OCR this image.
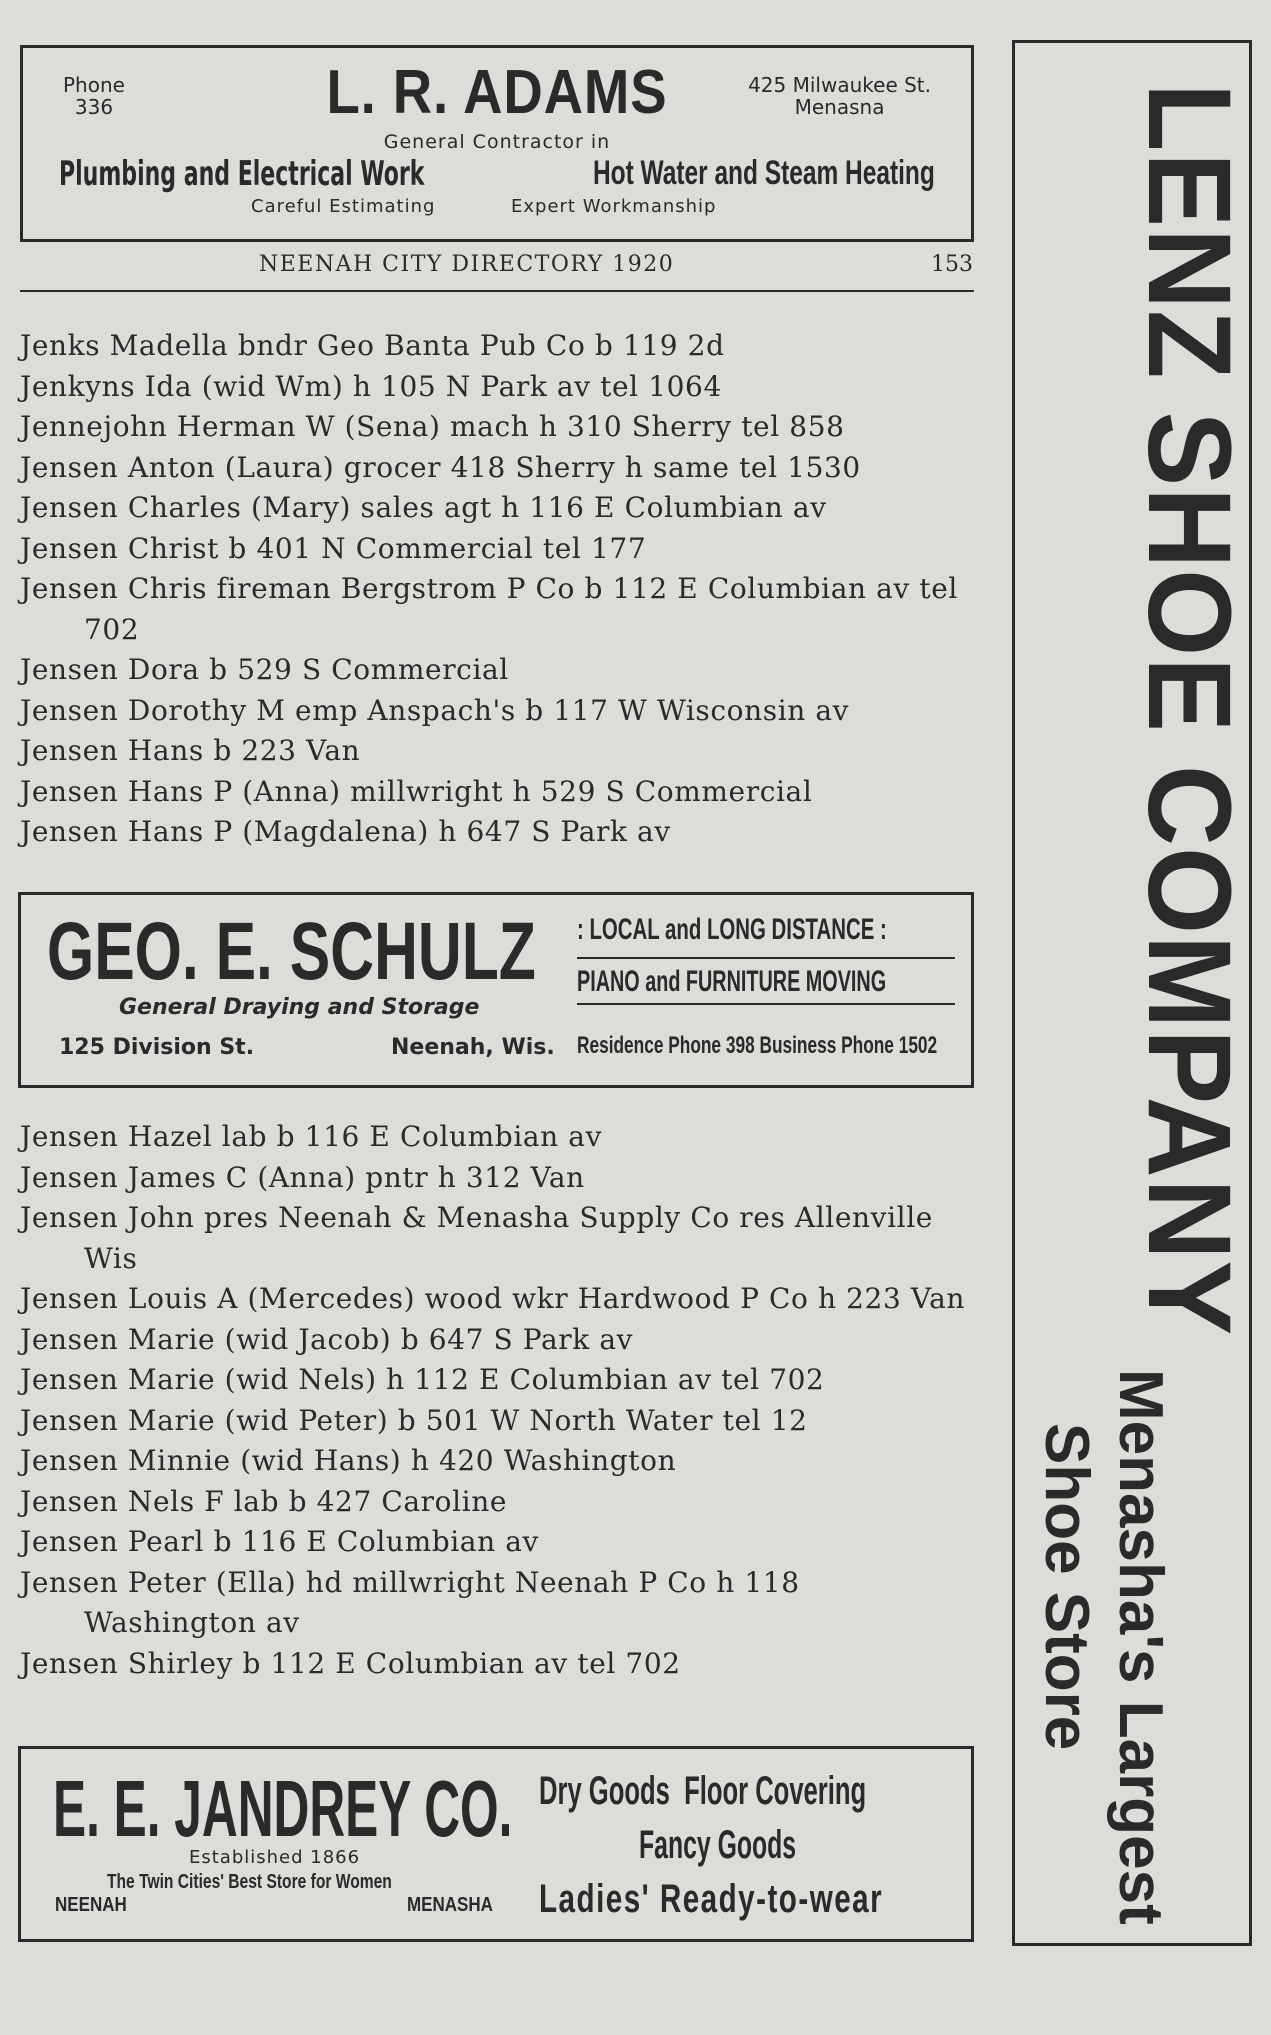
Phone
336	L. R. ADAMS	425 Milwaukee St.
Menasna
General Contractor in
Plumbing and Electrical Work	Hot Water and Steam Heating
Careful Estimating	Expert Workmanship
NEENAH CITY DIRECTORY 1920	153
Jenks Madella bndr Geo Banta Pub Co b 119 2d
Jenkyns Ida (wid Wm) h 105 N Park av tel 1064
Jennejohn Herman W (Sena) mach h 310 Sherry tel 858
Jensen Anton (Laura) grocer 418 Sherry h same tel 1530
Jensen Charles (Mary) sales agt h 116 E Columbian av
Jensen Christ b 401 N Commercial tel 177
Jensen Chris fireman Bergstrom P Co b 112 E Columbian av tel 702
Jensen Dora b 529 S Commercial
Jensen Dorothy M emp Anspach's b 117 W Wisconsin av
Jensen Hans b 223 Van
Jensen Hans P (Anna) millwright h 529 S Commercial
Jensen Hans P (Magdalena) h 647 S Park av
GEO. E. SCHULZ
General Draying and Storage
125 Division St.	Neenah, Wis.
: LOCAL and LONG DISTANCE :
PIANO and FURNITURE MOVING
Residence Phone 398 Business Phone 1502
Jensen Hazel lab b 116 E Columbian av
Jensen James C (Anna) pntr h 312 Van
Jensen John pres Neenah & Menasha Supply Co res Allenville Wis
Jensen Louis A (Mercedes) wood wkr Hardwood P Co h 223 Van
Jensen Marie (wid Jacob) b 647 S Park av
Jensen Marie (wid Nels) h 112 E Columbian av tel 702
Jensen Marie (wid Peter) b 501 W North Water tel 12
Jensen Minnie (wid Hans) h 420 Washington
Jensen Nels F lab b 427 Caroline
Jensen Pearl b 116 E Columbian av
Jensen Peter (Ella) hd millwright Neenah P Co h 118 Washington av
Jensen Shirley b 112 E Columbian av tel 702
E. E. JANDREY CO.
Established 1866
The Twin Cities' Best Store for Women
NEENAH	MENASHA
Dry Goods  Floor Covering
Fancy Goods
Ladies' Ready-to-wear
LENZ SHOE COMPANY
Menasha's Largest
Shoe Store
